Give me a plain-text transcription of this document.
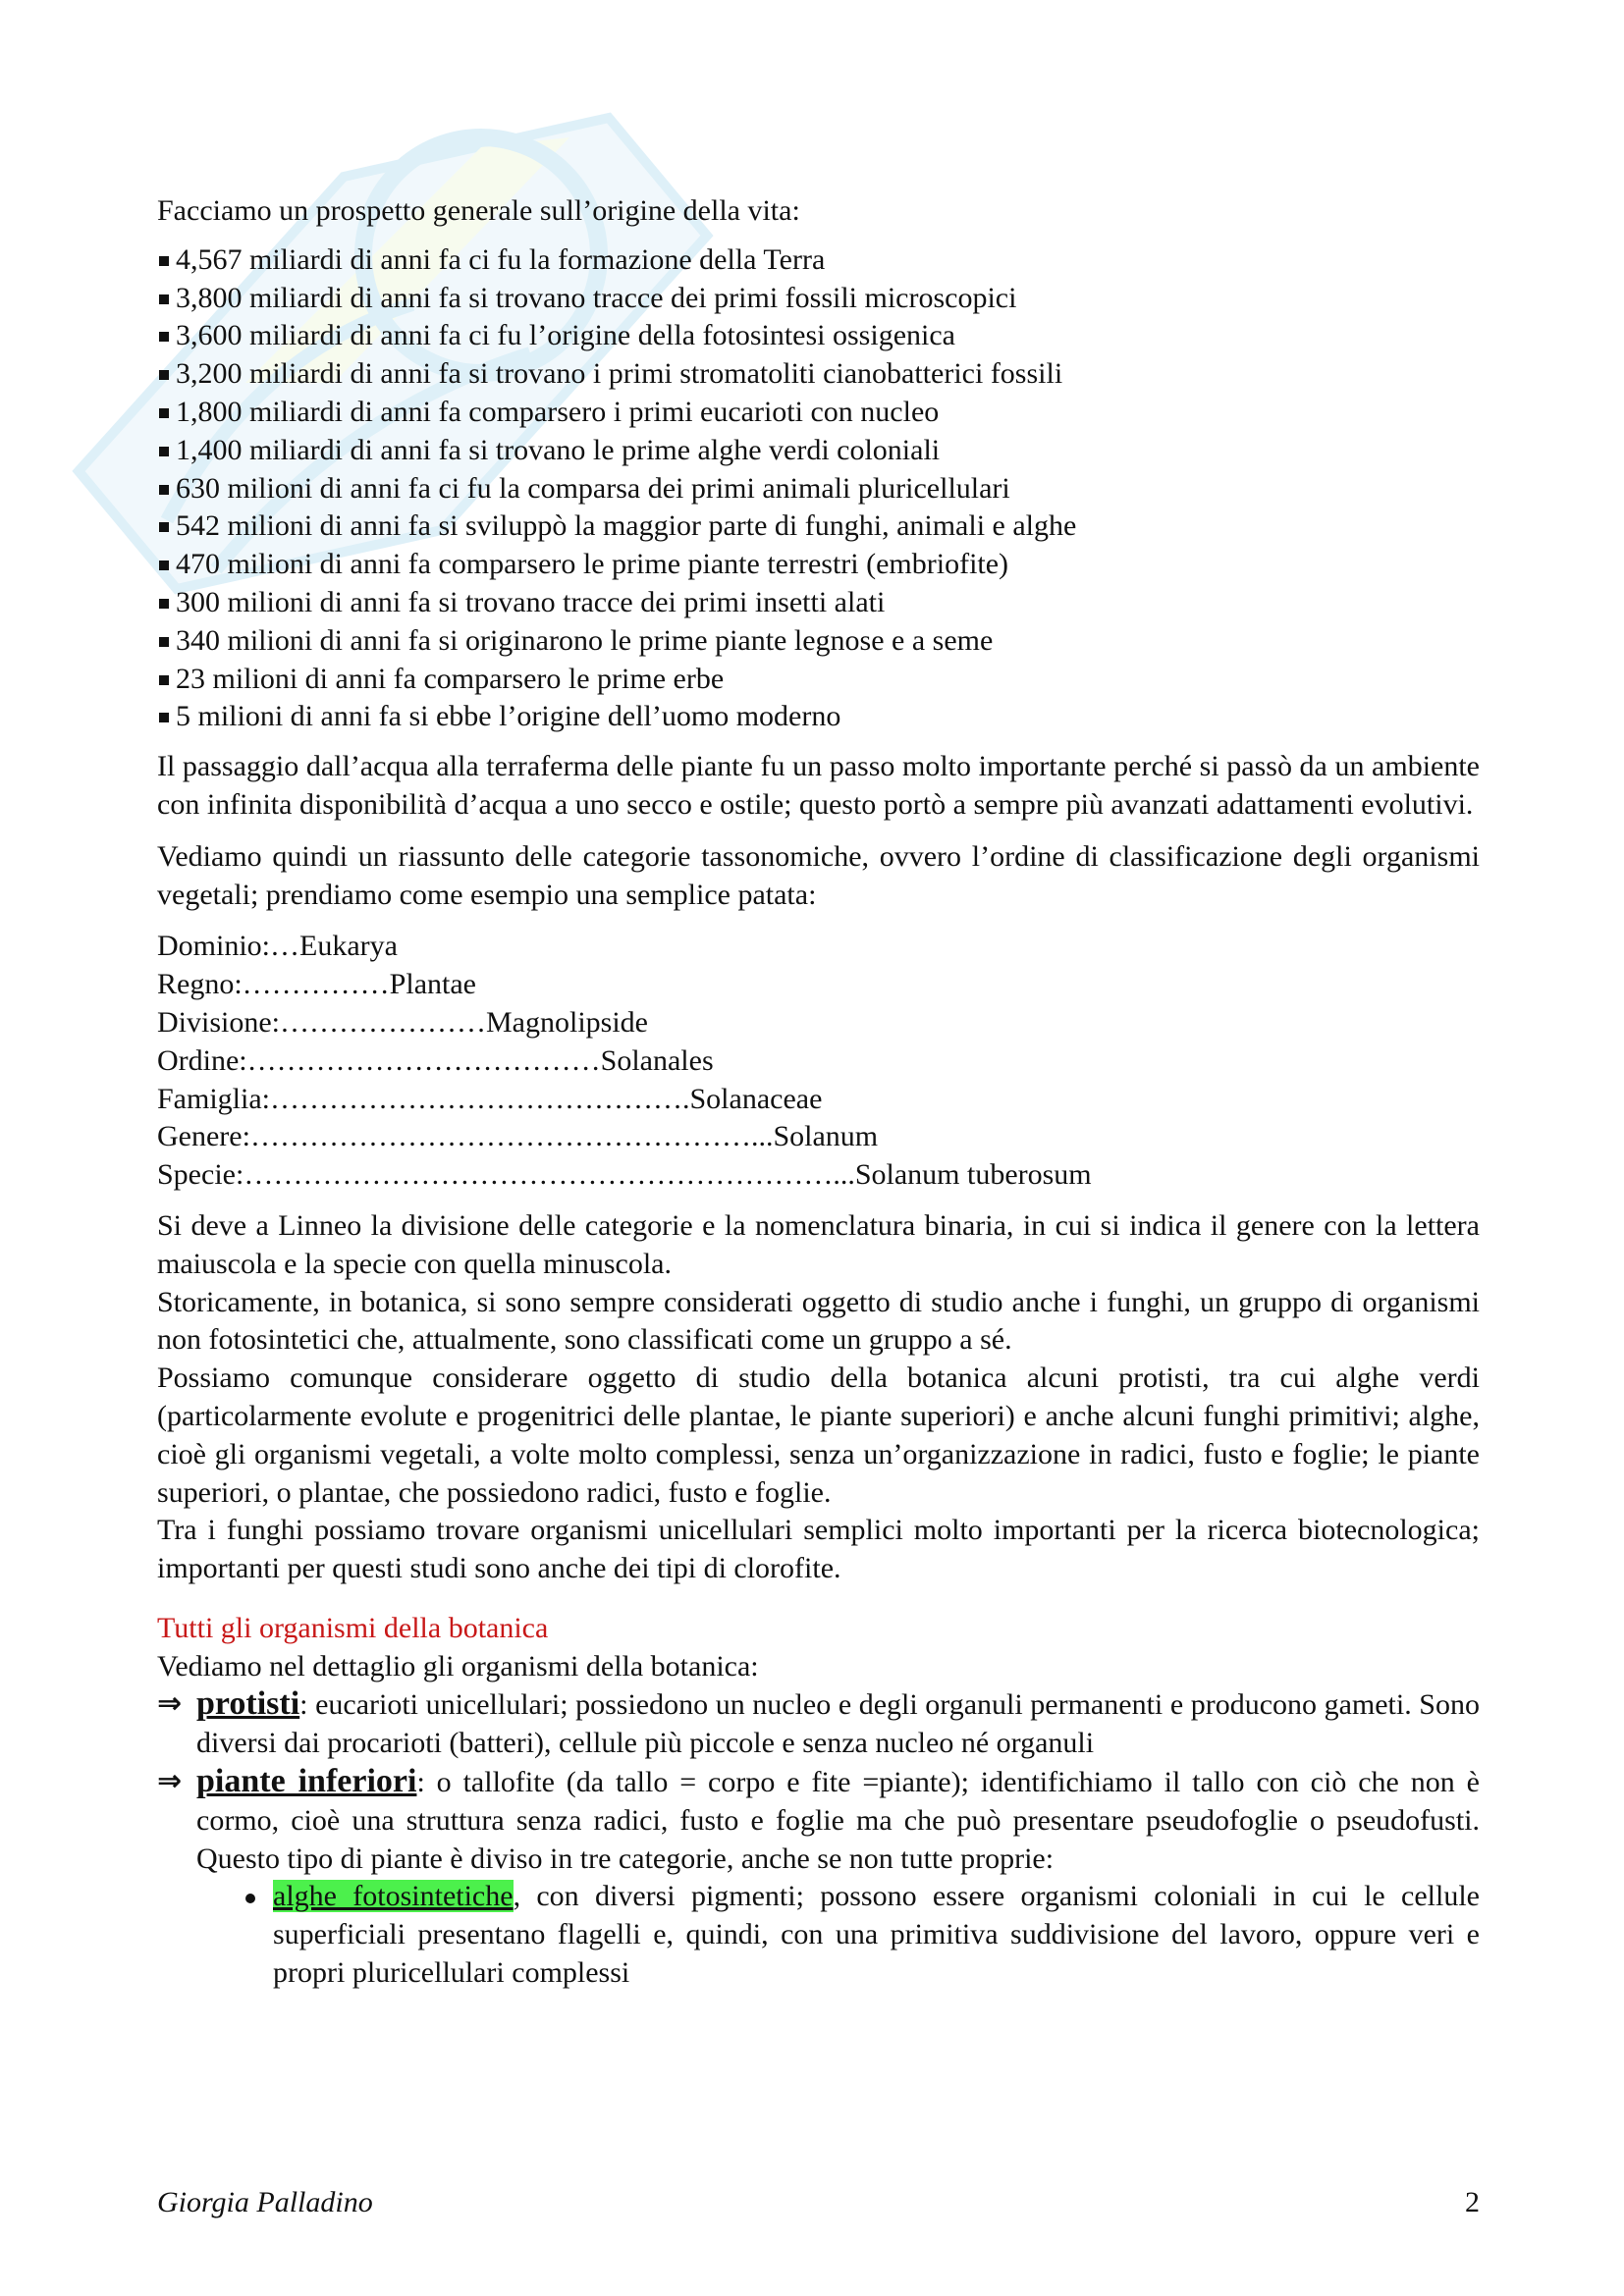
Facciamo un prospetto generale sull’origine della vita:

4,567 miliardi di anni fa ci fu la formazione della Terra
3,800 miliardi di anni fa si trovano tracce dei primi fossili microscopici
3,600 miliardi di anni fa ci fu l’origine della fotosintesi ossigenica
3,200 miliardi di anni fa si trovano i primi stromatoliti cianobatterici fossili
1,800 miliardi di anni fa comparsero i primi eucarioti con nucleo
1,400 miliardi di anni fa si trovano le prime alghe verdi coloniali
630 milioni di anni fa ci fu la comparsa dei primi animali pluricellulari
542 milioni di anni fa si sviluppò la maggior parte di funghi, animali e alghe
470 milioni di anni fa comparsero le prime piante terrestri (embriofite)
300 milioni di anni fa si trovano tracce dei primi insetti alati
340 milioni di anni fa si originarono le prime piante legnose e a seme
23 milioni di anni fa comparsero le prime erbe
5 milioni di anni fa si ebbe l’origine dell’uomo moderno

Il passaggio dall’acqua alla terraferma delle piante fu un passo molto importante perché si passò da un ambiente con infinita disponibilità d’acqua a uno secco e ostile; questo portò a sempre più avanzati adattamenti evolutivi.

Vediamo quindi un riassunto delle categorie tassonomiche, ovvero l’ordine di classificazione degli organismi vegetali; prendiamo come esempio una semplice patata:

Dominio:…Eukarya
Regno:……………Plantae
Divisione:…………………Magnolipside
Ordine:………………………………Solanales
Famiglia:…………………………………….Solanaceae
Genere:……………………………………………...Solanum
Specie:……………………………………………………...Solanum tuberosum

Si deve a Linneo la divisione delle categorie e la nomenclatura binaria, in cui si indica il genere con la lettera maiuscola e la specie con quella minuscola.

Storicamente, in botanica, si sono sempre considerati oggetto di studio anche i funghi, un gruppo di organismi non fotosintetici che, attualmente, sono classificati come un gruppo a sé.

Possiamo comunque considerare oggetto di studio della botanica alcuni protisti, tra cui alghe verdi (particolarmente evolute e progenitrici delle plantae, le piante superiori) e anche alcuni funghi primitivi; alghe, cioè gli organismi vegetali, a volte molto complessi, senza un’organizzazione in radici, fusto e foglie; le piante superiori, o plantae, che possiedono radici, fusto e foglie.

Tra i funghi possiamo trovare organismi unicellulari semplici molto importanti per la ricerca biotecnologica; importanti per questi studi sono anche dei tipi di clorofite.

Tutti gli organismi della botanica

Vediamo nel dettaglio gli organismi della botanica:

⇒ protisti: eucarioti unicellulari; possiedono un nucleo e degli organuli permanenti e producono gameti. Sono diversi dai procarioti (batteri), cellule più piccole e senza nucleo né organuli
⇒ piante inferiori: o tallofite (da tallo = corpo e fite =piante); identifichiamo il tallo con ciò che non è cormo, cioè una struttura senza radici, fusto e foglie ma che può presentare pseudofoglie o pseudofusti. Questo tipo di piante è diviso in tre categorie, anche se non tutte proprie:
alghe fotosintetiche, con diversi pigmenti; possono essere organismi coloniali in cui le cellule superficiali presentano flagelli e, quindi, con una primitiva suddivisione del lavoro, oppure veri e propri pluricellulari complessi
Giorgia Palladino	2
